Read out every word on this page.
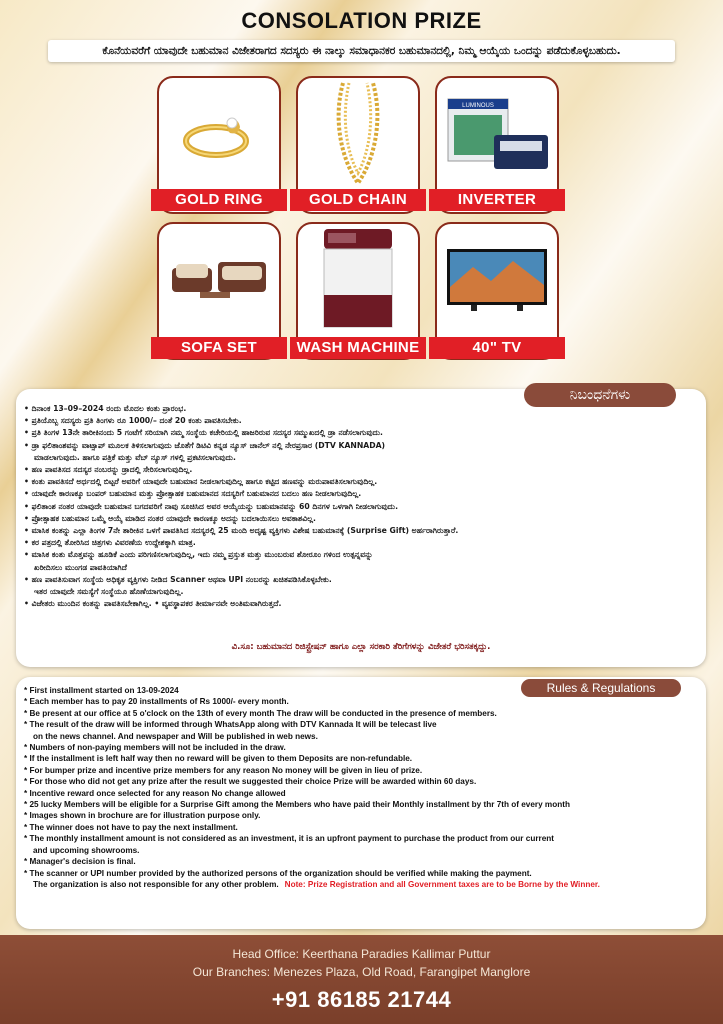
CONSOLATION PRIZE
ಕೊನೆಯವರೆಗೆ ಯಾವುದೇ ಬಹುಮಾನ ವಿಜೇತರಾಗದ ಸದಸ್ಯರು ಈ ನಾಲ್ಕು ಸಮಾಧಾನಕರ ಬಹುಮಾನದಲ್ಲಿ, ನಿಮ್ಮ ಆಯ್ಕೆಯ ಒಂದನ್ನು ಪಡೆದುಕೊಳ್ಳಬಹುದು.
LUMINOUS
GOLD RING	GOLD CHAIN	INVERTER
SOFA SET	WASH MACHINE	40" TV
ನಿಬಂಧನೆಗಳು
• ದಿನಾಂಕ 13–09–2024 ರಂದು ಮೊದಲ ಕಂತು ಪ್ರಾರಂಭ.
• ಪ್ರತಿಯೊಬ್ಬ ಸದಸ್ಯರು ಪ್ರತಿ ತಿಂಗಳು ರೂ 1000/– ದಂತೆ 20 ಕಂತು ಪಾವತಿಸಬೇಕು.
• ಪ್ರತಿ ತಿಂಗಳ 13ನೇ ತಾರೀಕಿನಂದು 5 ಗಂಟೆಗೆ ಸರಿಯಾಗಿ ನಮ್ಮ ಸಂಸ್ಥೆಯ ಕಚೇರಿಯಲ್ಲಿ ಹಾಜರಿರುವ ಸದಸ್ಯರ ಸಮ್ಮುಖದಲ್ಲಿ ಡ್ರಾ ನಡೆಸಲಾಗುವುದು.
• ಡ್ರಾ ಫಲಿತಾಂಶವನ್ನು ವಾಟ್ಸಾಪ್ ಮೂಲಕ ತಿಳಿಸಲಾಗುವುದು ಜೊತೆಗೆ ಡಿಟಿವಿ ಕನ್ನಡ ನ್ಯೂಸ್ ಚಾನೆಲ್ ನಲ್ಲಿ ನೇರಪ್ರಸಾರ (DTV KANNADA)
ಮಾಡಲಾಗುವುದು. ಹಾಗೂ ಪತ್ರಿಕೆ ಮತ್ತು ವೆಬ್ ನ್ಯೂಸ್ ಗಳಲ್ಲಿ ಪ್ರಕಟಿಸಲಾಗುವುದು.
• ಹಣ ಪಾವತಿಸದ ಸದಸ್ಯರ ನಂಬರನ್ನು ಡ್ರಾದಲ್ಲಿ ಸೇರಿಸಲಾಗುವುದಿಲ್ಲ.
• ಕಂತು ಪಾವತಿಸದೆ ಅರ್ಧದಲ್ಲಿ ಬಿಟ್ಟರೆ ಅವರಿಗೆ ಯಾವುದೇ ಬಹುಮಾನ ನೀಡಲಾಗುವುದಿಲ್ಲ ಹಾಗೂ ಕಟ್ಟಿದ ಹಣವನ್ನು ಮರುಪಾವತಿಸಲಾಗುವುದಿಲ್ಲ.
• ಯಾವುದೇ ಕಾರಣಕ್ಕೂ ಬಂಪರ್ ಬಹುಮಾನ ಮತ್ತು ಪ್ರೋತ್ಸಾಹಕ ಬಹುಮಾನದ ಸದಸ್ಯರಿಗೆ ಬಹುಮಾನದ ಬದಲು ಹಣ ನೀಡಲಾಗುವುದಿಲ್ಲ.
• ಫಲಿತಾಂಶ ನಂತರ ಯಾವುದೇ ಬಹುಮಾನ ಬಗದವರಿಗೆ ನಾವು ಸೂಚಿಸಿದ ಅವರ ಆಯ್ಕೆಯನ್ನು ಬಹುಮಾನವನ್ನು 60 ದಿನಗಳ ಒಳಗಾಗಿ ನೀಡಲಾಗುವುದು.
• ಪ್ರೋತ್ಸಾಹಕ ಬಹುಮಾನ ಒಮ್ಮೆ ಆಯ್ಕೆ ಮಾಡಿದ ನಂತರ ಯಾವುದೇ ಕಾರಣಕ್ಕೂ ಅದನ್ನು ಬದಲಾಯಿಸಲು ಅವಕಾಶವಿಲ್ಲ.
• ಮಾಸಿಕ ಕಂತನ್ನು ಎಲ್ಲಾ ತಿಂಗಳ 7ನೇ ತಾರೀಕಿನ ಒಳಗೆ ಪಾವತಿಸಿದ ಸದಸ್ಯರಲ್ಲಿ 25 ಮಂದಿ ಅದೃಷ್ಟ ವ್ಯಕ್ತಿಗಳು ವಿಶೇಷ ಬಹುಮಾನಕ್ಕೆ (Surprise Gift) ಅರ್ಹರಾಗಿರುತ್ತಾರೆ.
• ಕರ ಪತ್ರದಲ್ಲಿ ತೋರಿಸಿದ ಚಿತ್ರಗಳು ವಿವರಣೆಯ ಉದ್ದೇಶಕ್ಕಾಗಿ ಮಾತ್ರ.
• ಮಾಸಿಕ ಕಂತು ಮೊತ್ತವನ್ನು ಹೂಡಿಕೆ ಎಂದು ಪರಿಗಣಿಸಲಾಗುವುದಿಲ್ಲ, ಇದು ನಮ್ಮ ಪ್ರಸ್ತುತ ಮತ್ತು ಮುಂಬರುವ ಶೋರೂಂ ಗಳಿಂದ ಉತ್ಪನ್ನವನ್ನು
ಖರೀದಿಸಲು ಮುಂಗಡ ಪಾವತಿಯಾಗಿದೆ
• ಹಣ ಪಾವತಿಸುವಾಗ ಸಂಸ್ಥೆಯ ಅಧಿಕೃತ ವ್ಯಕ್ತಿಗಳು ನೀಡಿದ Scanner ಅಥವಾ UPI ನಂಬರನ್ನು ಖಚಿತಪಡಿಸಿಕೊಳ್ಳಬೇಕು.
ಇತರ ಯಾವುದೇ ಸಮಸ್ಯೆಗೆ ಸಂಸ್ಥೆಯೂ ಹೊಣೆಯಾಗುವುದಿಲ್ಲ.
• ವಿಜೇತರು ಮುಂದಿನ ಕಂತನ್ನು ಪಾವತಿಸಬೇಕಾಗಿಲ್ಲ. • ವ್ಯವಸ್ಥಾಪಕರ ತೀರ್ಮಾನವೇ ಅಂತಿಮವಾಗಿರುತ್ತದೆ.
ವಿ.ಸೂ: ಬಹುಮಾನದ ರಿಜಿಸ್ಟ್ರೇಷನ್ ಹಾಗೂ ಎಲ್ಲಾ ಸರಕಾರಿ ತೆರಿಗೆಗಳನ್ನು ವಿಜೇತರೆ ಭರಿಸತಕ್ಕದ್ದು.
Rules & Regulations
* First installment started on 13-09-2024
* Each member has to pay 20 installments of Rs 1000/- every month.
* Be present at our office at 5 o'clock on the 13th of every month The draw will be conducted in the presence of members.
* The result of the draw will be informed through WhatsApp along with DTV Kannada It will be telecast live
on the news channel. And newspaper and Will be published in web news.
* Numbers of non-paying members will not be included in the draw.
* If the installment is left half way then no reward will be given to them Deposits are non-refundable.
* For bumper prize and incentive prize members for any reason No money will be given in lieu of prize.
* For those who did not get any prize after the result we suggested their choice Prize will be awarded within 60 days.
* Incentive reward once selected for any reason No change allowed
* 25 lucky Members will be eligible for a Surprise Gift among the Members who have paid their Monthly installment by thr 7th of every month
* Images shown in brochure are for illustration purpose only.
* The winner does not have to pay the next installment.
* The monthly installment amount is not considered as an investment, it is an upfront payment to purchase the product from our current
and upcoming showrooms.
* Manager's decision is final.
* The scanner or UPI number provided by the authorized persons of the organization should be verified while making the payment.
The organization is also not responsible for any other problem. Note: Prize Registration and all Government taxes are to be Borne by the Winner.
Head Office: Keerthana Paradies Kallimar Puttur
Our Branches: Menezes Plaza, Old Road, Farangipet Manglore
+91 86185 21744
